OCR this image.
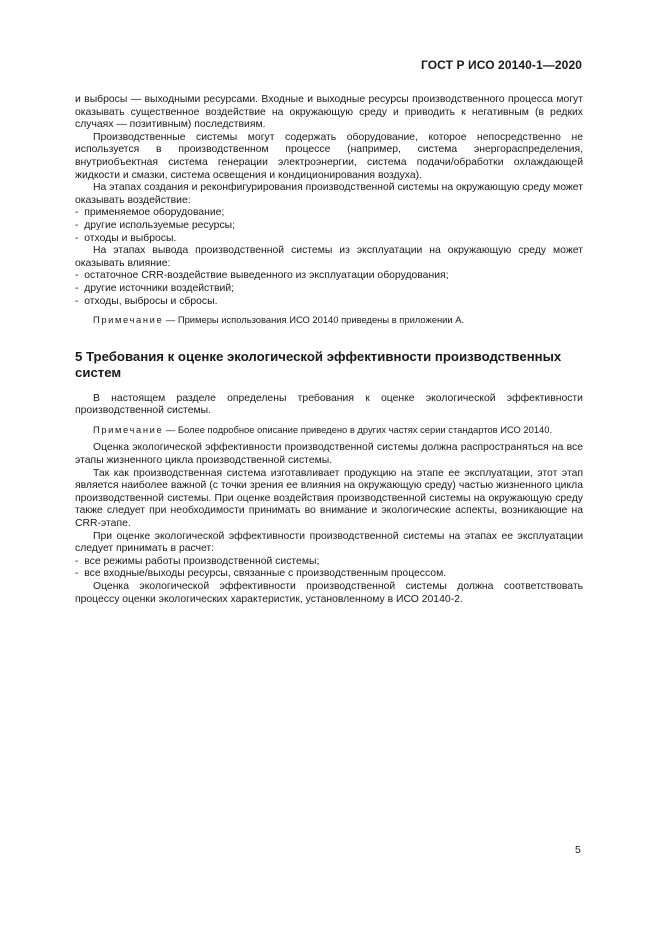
ГОСТ Р ИСО 20140-1—2020

и выбросы — выходными ресурсами. Входные и выходные ресурсы производственного процесса могут оказывать существенное воздействие на окружающую среду и приводить к негативным (в редких случаях — позитивным) последствиям.

Производственные системы могут содержать оборудование, которое непосредственно не используется в производственном процессе (например, система энергораспределения, внутриобъектная система генерации электроэнергии, система подачи/обработки охлаждающей жидкости и смазки, система освещения и кондиционирования воздуха).

На этапах создания и реконфигурирования производственной системы на окружающую среду может оказывать воздействие:

-  применяемое оборудование;
-  другие используемые ресурсы;
-  отходы и выбросы.

На этапах вывода производственной системы из эксплуатации на окружающую среду может оказывать влияние:

-  остаточное CRR-воздействие выведенного из эксплуатации оборудования;
-  другие источники воздействий;
-  отходы, выбросы и сбросы.

Примечание — Примеры использования ИСО 20140 приведены в приложении А.

5 Требования к оценке экологической эффективности производственных систем

В настоящем разделе определены требования к оценке экологической эффективности производственной системы.

Примечание — Более подробное описание приведено в других частях серии стандартов ИСО 20140.

Оценка экологической эффективности производственной системы должна распространяться на все этапы жизненного цикла производственной системы.

Так как производственная система изготавливает продукцию на этапе ее эксплуатации, этот этап является наиболее важной (с точки зрения ее влияния на окружающую среду) частью жизненного цикла производственной системы. При оценке воздействия производственной системы на окружающую среду также следует при необходимости принимать во внимание и экологические аспекты, возникающие на CRR-этапе.

При оценке экологической эффективности производственной системы на этапах ее эксплуатации следует принимать в расчет:

-  все режимы работы производственной системы;
-  все входные/выходы ресурсы, связанные с производственным процессом.

Оценка экологической эффективности производственной системы должна соответствовать процессу оценки экологических характеристик, установленному в ИСО 20140-2.

5
